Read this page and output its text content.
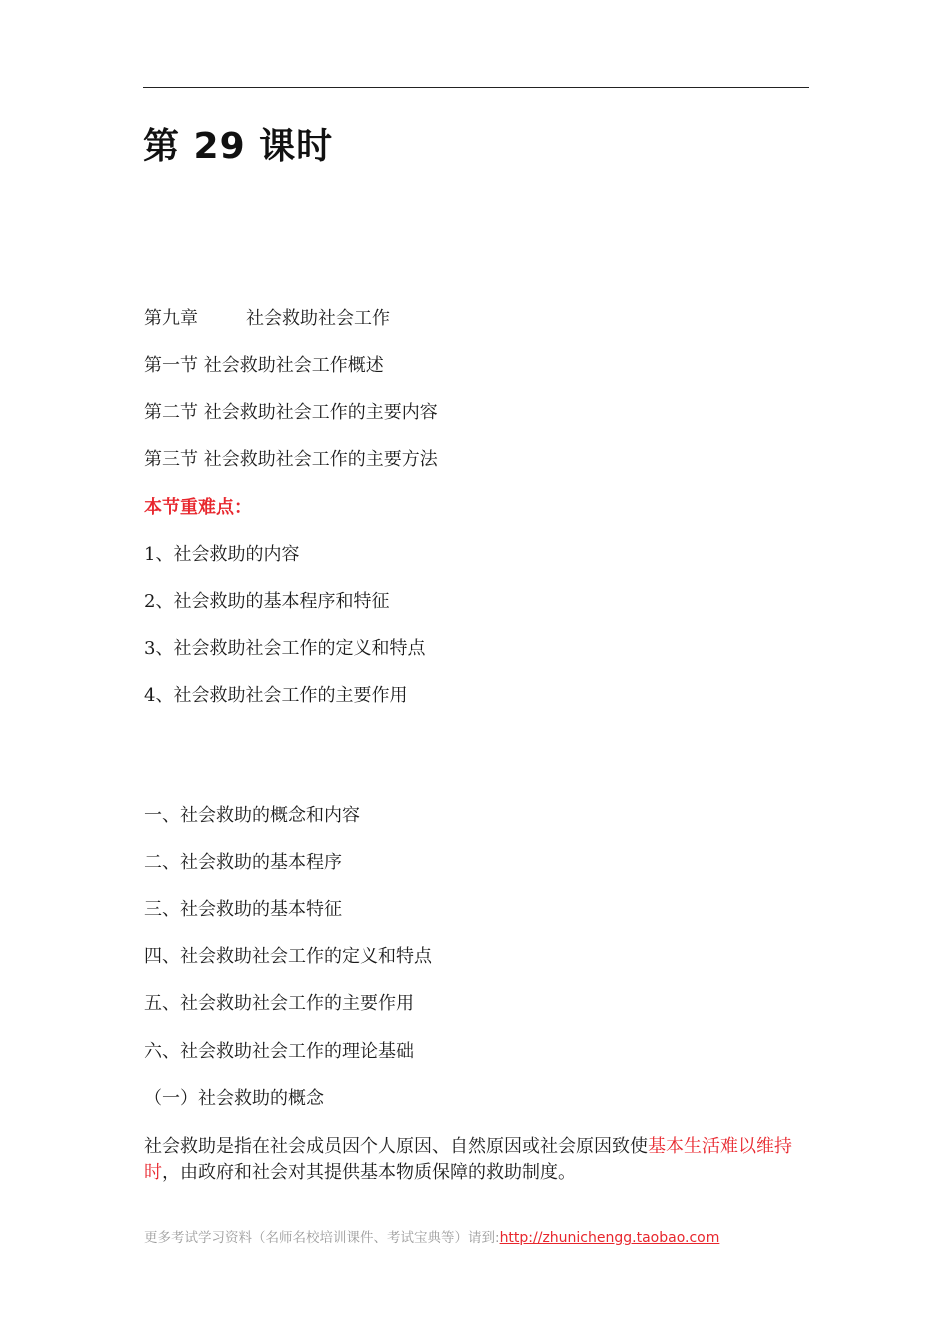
第 29 课时
第九章	社会救助社会工作
第一节 社会救助社会工作概述
第二节 社会救助社会工作的主要内容
第三节 社会救助社会工作的主要方法
本节重难点：
1、社会救助的内容
2、社会救助的基本程序和特征
3、社会救助社会工作的定义和特点
4、社会救助社会工作的主要作用
一、社会救助的概念和内容
二、社会救助的基本程序
三、社会救助的基本特征
四、社会救助社会工作的定义和特点
五、社会救助社会工作的主要作用
六、社会救助社会工作的理论基础
（一）社会救助的概念
社会救助是指在社会成员因个人原因、自然原因或社会原因致使基本生活难以维持时，由政府和社会对其提供基本物质保障的救助制度。
更多考试学习资料（名师名校培训课件、考试宝典等）请到:http://zhunichengg.taobao.com
